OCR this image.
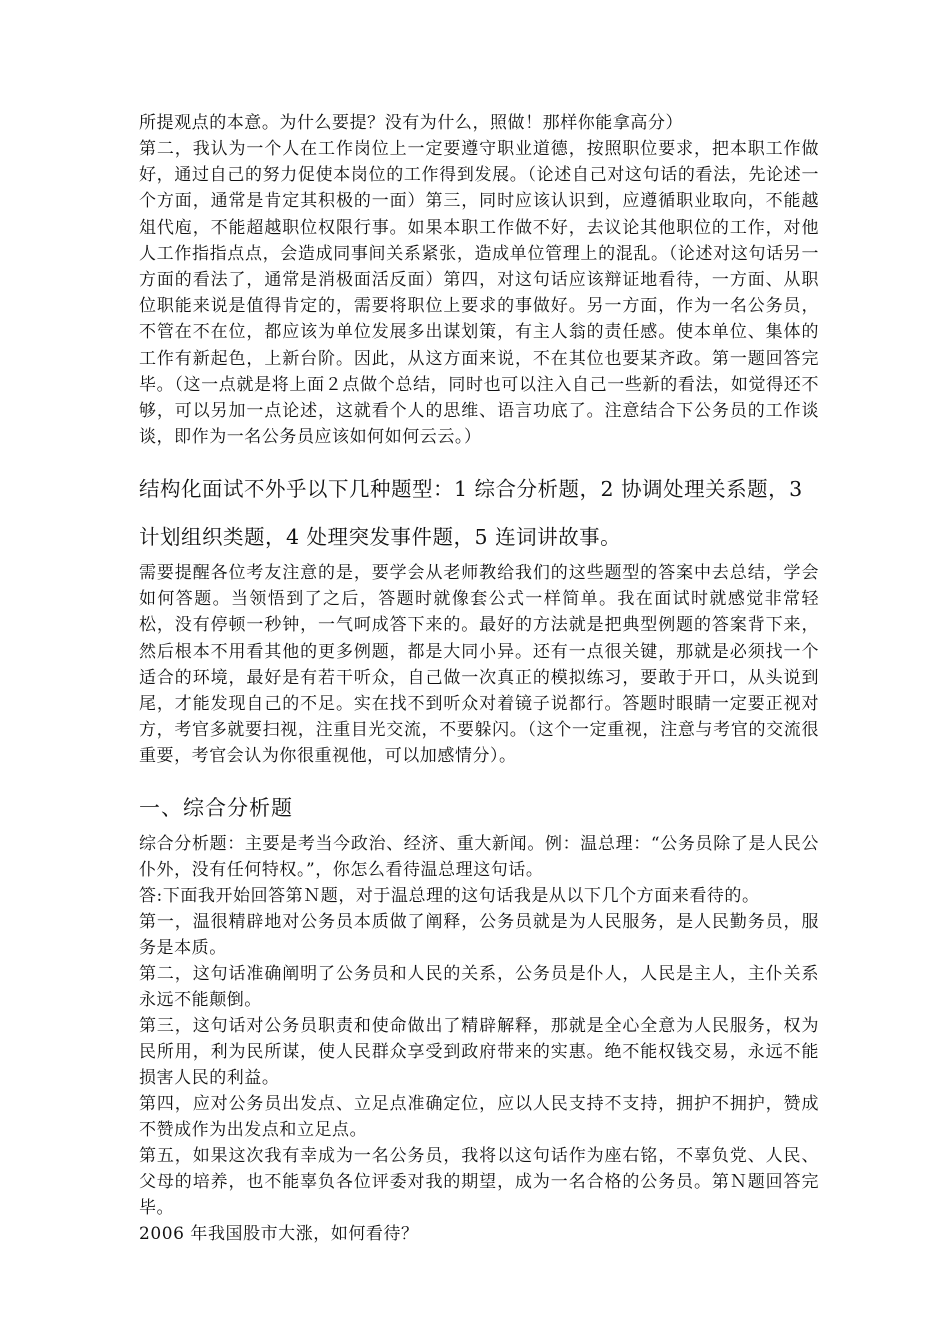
所提观点的本意。为什么要提？没有为什么，照做！那样你能拿高分）

第二，我认为一个人在工作岗位上一定要遵守职业道德，按照职位要求，把本职工作做好，通过自己的努力促使本岗位的工作得到发展。（论述自己对这句话的看法，先论述一个方面，通常是肯定其积极的一面）第三，同时应该认识到，应遵循职业取向，不能越俎代庖，不能超越职位权限行事。如果本职工作做不好，去议论其他职位的工作，对他人工作指指点点，会造成同事间关系紧张，造成单位管理上的混乱。（论述对这句话另一方面的看法了，通常是消极面活反面）第四，对这句话应该辩证地看待，一方面、从职位职能来说是值得肯定的，需要将职位上要求的事做好。另一方面，作为一名公务员，不管在不在位，都应该为单位发展多出谋划策，有主人翁的责任感。使本单位、集体的工作有新起色，上新台阶。因此，从这方面来说，不在其位也要某齐政。第一题回答完毕。（这一点就是将上面２点做个总结，同时也可以注入自己一些新的看法，如觉得还不够，可以另加一点论述，这就看个人的思维、语言功底了。注意结合下公务员的工作谈谈，即作为一名公务员应该如何如何云云。）

结构化面试不外乎以下几种题型：1 综合分析题，2 协调处理关系题，3 计划组织类题，4 处理突发事件题，5 连词讲故事。

需要提醒各位考友注意的是，要学会从老师教给我们的这些题型的答案中去总结，学会如何答题。当领悟到了之后，答题时就像套公式一样简单。我在面试时就感觉非常轻松，没有停顿一秒钟，一气呵成答下来的。最好的方法就是把典型例题的答案背下来，然后根本不用看其他的更多例题，都是大同小异。还有一点很关键，那就是必须找一个适合的环境，最好是有若干听众，自己做一次真正的模拟练习，要敢于开口，从头说到尾，才能发现自己的不足。实在找不到听众对着镜子说都行。答题时眼睛一定要正视对方，考官多就要扫视，注重目光交流，不要躲闪。（这个一定重视，注意与考官的交流很重要，考官会认为你很重视他，可以加感情分）。

一、综合分析题

综合分析题：主要是考当今政治、经济、重大新闻。例：温总理：“公务员除了是人民公仆外，没有任何特权。”，你怎么看待温总理这句话。

答:下面我开始回答第Ｎ题，对于温总理的这句话我是从以下几个方面来看待的。

第一，温很精辟地对公务员本质做了阐释，公务员就是为人民服务，是人民勤务员，服务是本质。

第二，这句话准确阐明了公务员和人民的关系，公务员是仆人，人民是主人，主仆关系永远不能颠倒。

第三，这句话对公务员职责和使命做出了精辟解释，那就是全心全意为人民服务，权为民所用，利为民所谋，使人民群众享受到政府带来的实惠。绝不能权钱交易，永远不能损害人民的利益。

第四，应对公务员出发点、立足点准确定位，应以人民支持不支持，拥护不拥护，赞成不赞成作为出发点和立足点。

第五，如果这次我有幸成为一名公务员，我将以这句话作为座右铭，不辜负党、人民、父母的培养，也不能辜负各位评委对我的期望，成为一名合格的公务员。第Ｎ题回答完毕。

2006 年我国股市大涨，如何看待？
